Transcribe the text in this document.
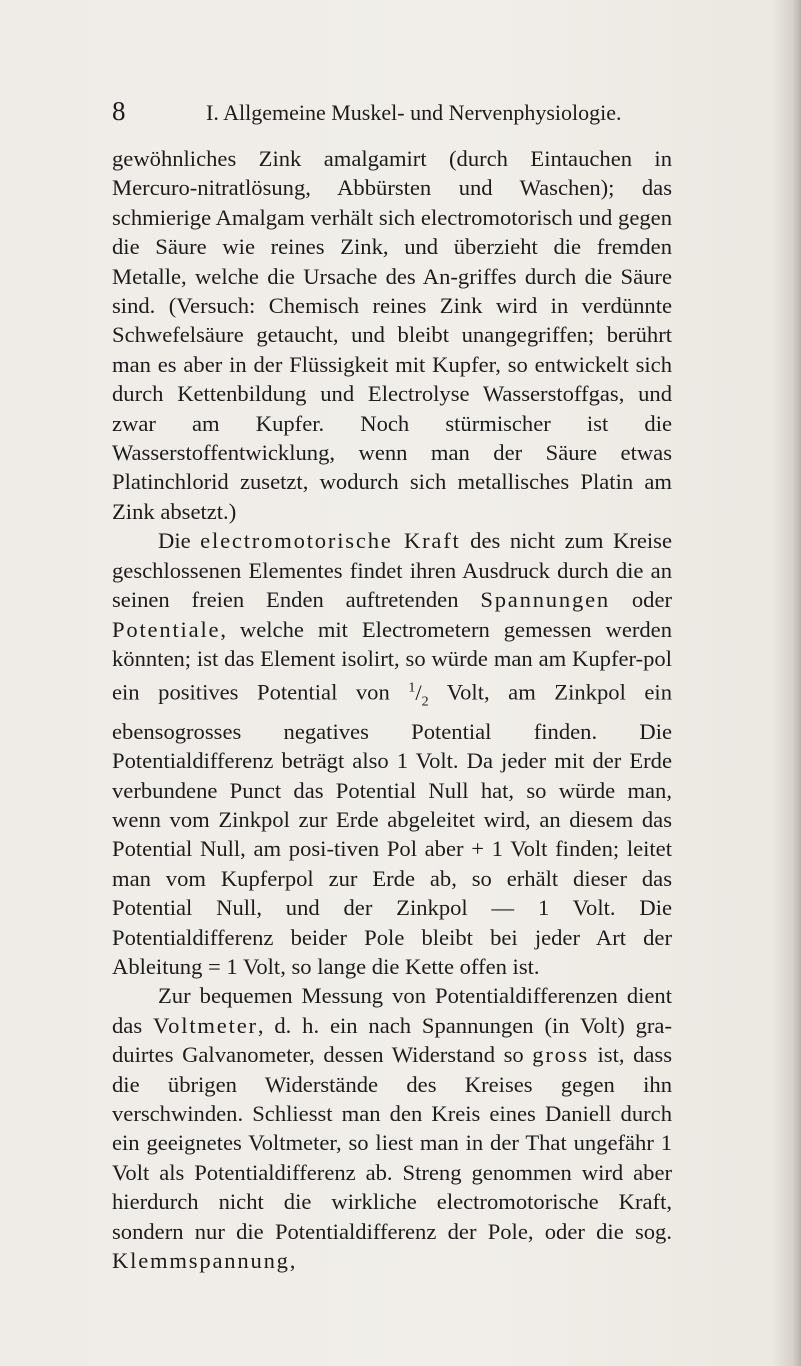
8	I. Allgemeine Muskel- und Nervenphysiologie.

gewöhnliches Zink amalgamirt (durch Eintauchen in Mercuro-nitratlösung, Abbürsten und Waschen); das schmierige Amalgam verhält sich electromotorisch und gegen die Säure wie reines Zink, und überzieht die fremden Metalle, welche die Ursache des An-griffes durch die Säure sind. (Versuch: Chemisch reines Zink wird in verdünnte Schwefelsäure getaucht, und bleibt unangegriffen; berührt man es aber in der Flüssigkeit mit Kupfer, so entwickelt sich durch Kettenbildung und Electrolyse Wasserstoffgas, und zwar am Kupfer. Noch stürmischer ist die Wasserstoffentwicklung, wenn man der Säure etwas Platinchlorid zusetzt, wodurch sich metallisches Platin am Zink absetzt.)

Die electromotorische Kraft des nicht zum Kreise geschlossenen Elementes findet ihren Ausdruck durch die an seinen freien Enden auftretenden Spannungen oder Potentiale, welche mit Electrometern gemessen werden könnten; ist das Element isolirt, so würde man am Kupfer-pol ein positives Potential von $^1/_2$ Volt, am Zinkpol ein ebensogrosses negatives Potential finden. Die Potentialdifferenz beträgt also 1 Volt. Da jeder mit der Erde verbundene Punct das Potential Null hat, so würde man, wenn vom Zinkpol zur Erde abgeleitet wird, an diesem das Potential Null, am posi-tiven Pol aber + 1 Volt finden; leitet man vom Kupferpol zur Erde ab, so erhält dieser das Potential Null, und der Zinkpol — 1 Volt. Die Potentialdifferenz beider Pole bleibt bei jeder Art der Ableitung = 1 Volt, so lange die Kette offen ist.

Zur bequemen Messung von Potentialdifferenzen dient das Voltmeter, d. h. ein nach Spannungen (in Volt) gra-duirtes Galvanometer, dessen Widerstand so gross ist, dass die übrigen Widerstände des Kreises gegen ihn verschwinden. Schliesst man den Kreis eines Daniell durch ein geeignetes Voltmeter, so liest man in der That ungefähr 1 Volt als Potentialdifferenz ab. Streng genommen wird aber hierdurch nicht die wirkliche electromotorische Kraft, sondern nur die Potentialdifferenz der Pole, oder die sog. Klemmspannung,
